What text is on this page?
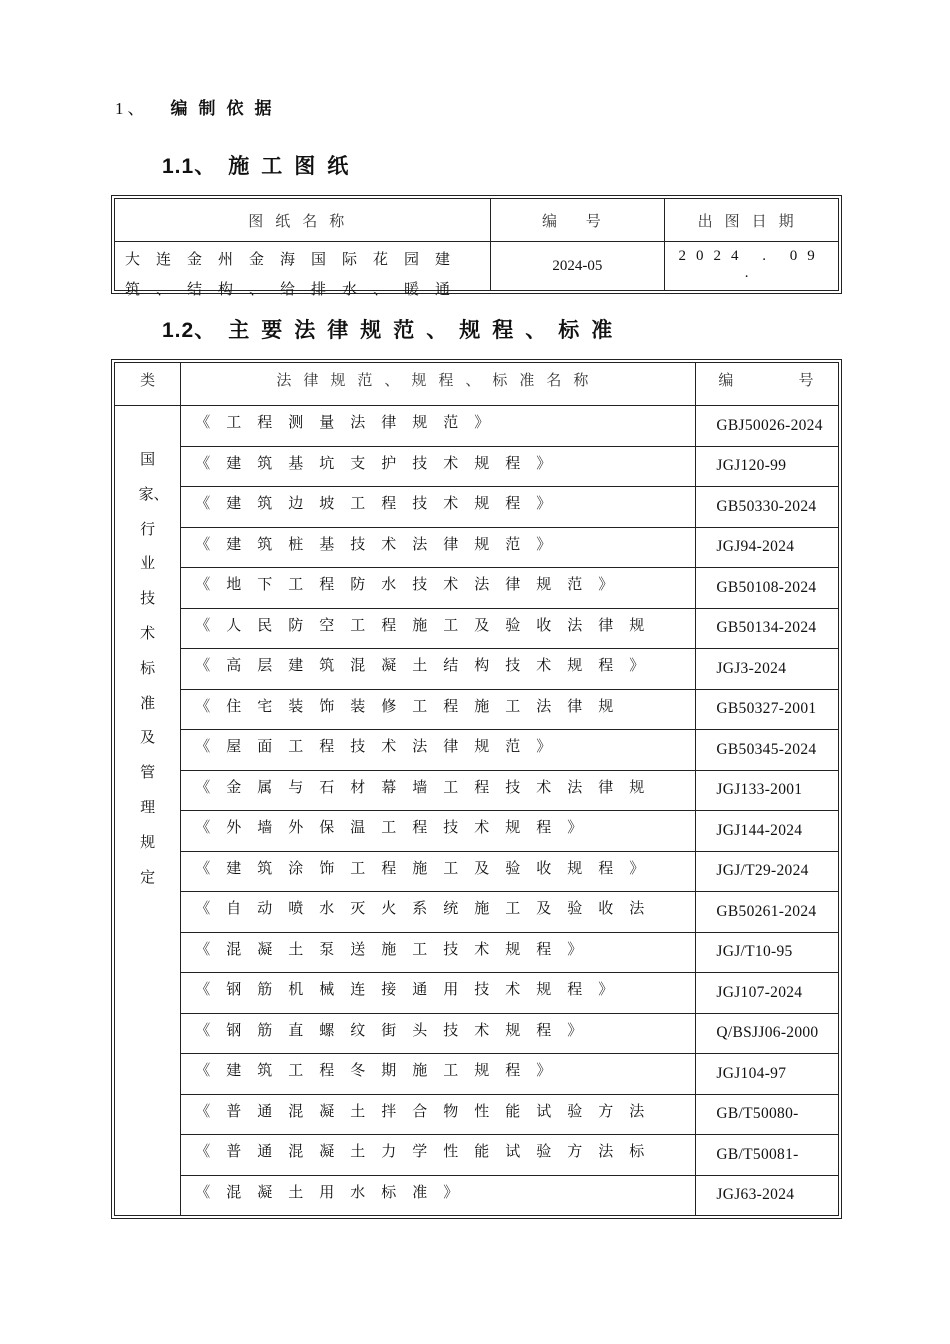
1、 编制依据
1.1、 施工图纸
图纸名称	编 号	出图日期

大连金州金海国际花园建筑、结构、给排水、暖通	2024-05	2024 . 09 .
1.2、 主要法律规范、规程、标准
类	法律规范、规程、标准名称	编        号
国家、行业技术标准及管理规定	《工程测量法律规范》	GBJ50026-2024
	《建筑基坑支护技术规程》	JGJ120-99
	《建筑边坡工程技术规程》	GB50330-2024
	《建筑桩基技术法律规范》	JGJ94-2024
	《地下工程防水技术法律规范》	GB50108-2024
	《人民防空工程施工及验收法律规	GB50134-2024
	《高层建筑混凝土结构技术规程》	JGJ3-2024
	《住宅装饰装修工程施工法律规	GB50327-2001
	《屋面工程技术法律规范》	GB50345-2024
	《金属与石材幕墙工程技术法律规	JGJ133-2001
	《外墙外保温工程技术规程》	JGJ144-2024
	《建筑涂饰工程施工及验收规程》	JGJ/T29-2024
	《自动喷水灭火系统施工及验收法	GB50261-2024
	《混凝土泵送施工技术规程》	JGJ/T10-95
	《钢筋机械连接通用技术规程》	JGJ107-2024
	《钢筋直螺纹街头技术规程》	Q/BSJJ06-2000
	《建筑工程冬期施工规程》	JGJ104-97
	《普通混凝土拌合物性能试验方法	GB/T50080-
	《普通混凝土力学性能试验方法标	GB/T50081-
	《混凝土用水标准》	JGJ63-2024
